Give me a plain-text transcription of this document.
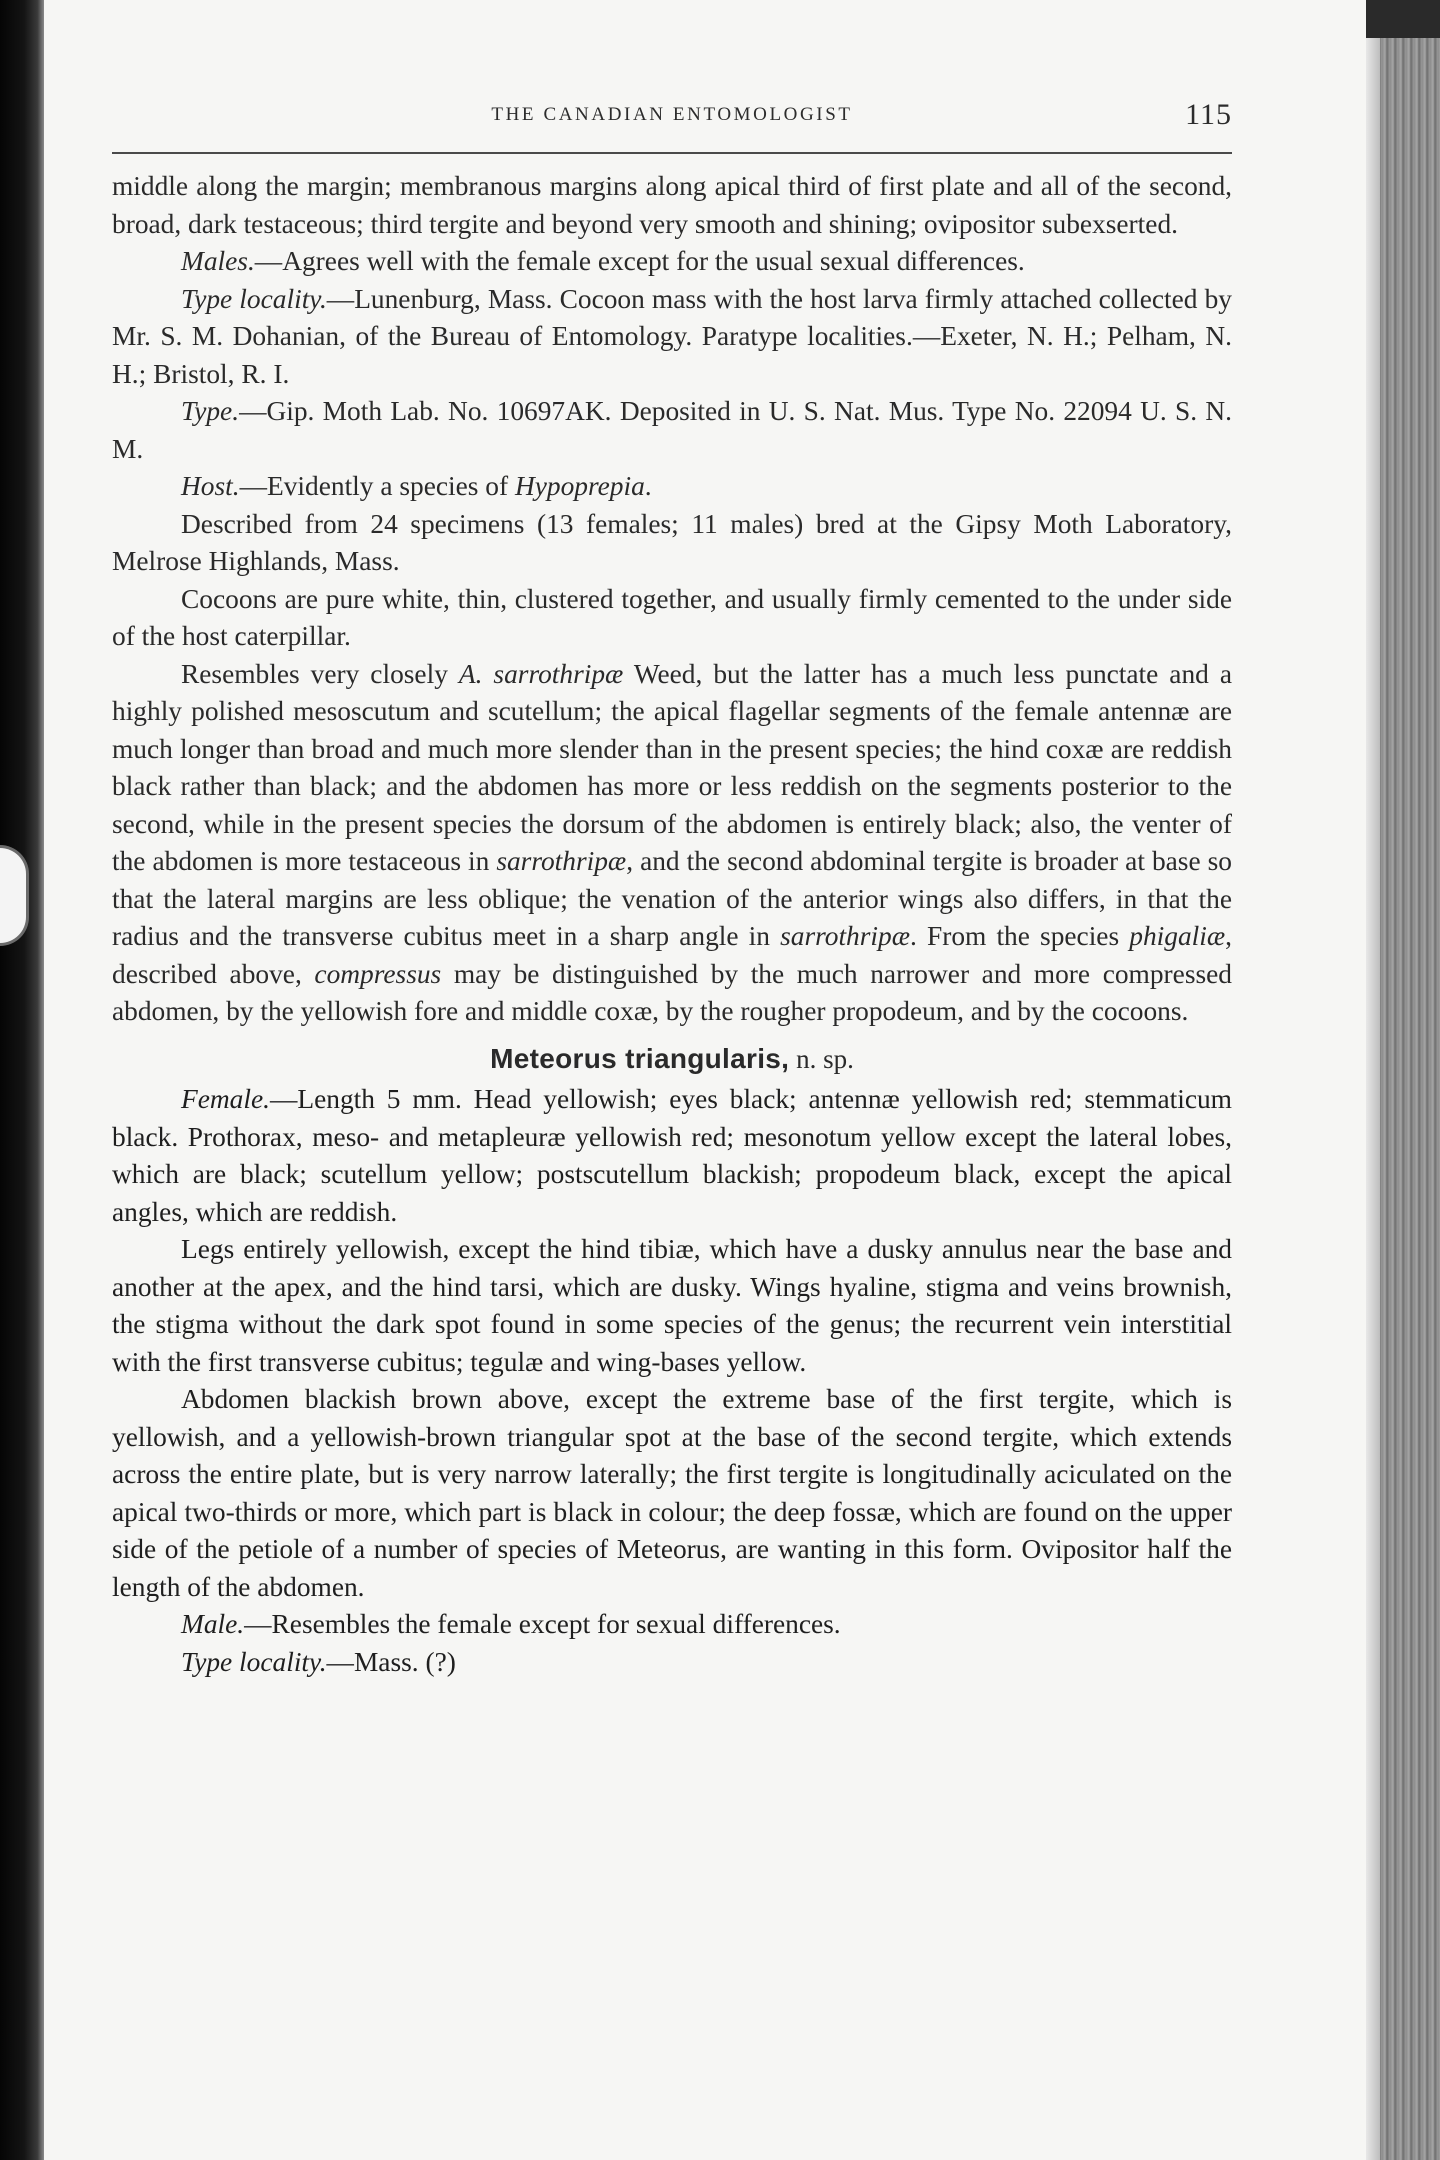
THE CANADIAN ENTOMOLOGIST	115

middle along the margin; membranous margins along apical third of first plate and all of the second, broad, dark testaceous; third tergite and beyond very smooth and shining; ovipositor subexserted.

Males.—Agrees well with the female except for the usual sexual differences.

Type locality.—Lunenburg, Mass. Cocoon mass with the host larva firmly attached collected by Mr. S. M. Dohanian, of the Bureau of Entomology. Paratype localities.—Exeter, N. H.; Pelham, N. H.; Bristol, R. I.

Type.—Gip. Moth Lab. No. 10697AK. Deposited in U. S. Nat. Mus. Type No. 22094 U. S. N. M.

Host.—Evidently a species of Hypoprepia.

Described from 24 specimens (13 females; 11 males) bred at the Gipsy Moth Laboratory, Melrose Highlands, Mass.

Cocoons are pure white, thin, clustered together, and usually firmly cemented to the under side of the host caterpillar.

Resembles very closely A. sarrothripæ Weed, but the latter has a much less punctate and a highly polished mesoscutum and scutellum; the apical flagellar segments of the female antennæ are much longer than broad and much more slender than in the present species; the hind coxæ are reddish black rather than black; and the abdomen has more or less reddish on the segments posterior to the second, while in the present species the dorsum of the abdomen is entirely black; also, the venter of the abdomen is more testaceous in sarrothripæ, and the second abdominal tergite is broader at base so that the lateral margins are less oblique; the venation of the anterior wings also differs, in that the radius and the transverse cubitus meet in a sharp angle in sarrothripæ. From the species phigaliæ, described above, compressus may be distinguished by the much narrower and more compressed abdomen, by the yellowish fore and middle coxæ, by the rougher propodeum, and by the cocoons.

Meteorus triangularis, n. sp.

Female.—Length 5 mm. Head yellowish; eyes black; antennæ yellowish red; stemmaticum black. Prothorax, meso- and metapleuræ yellowish red; mesonotum yellow except the lateral lobes, which are black; scutellum yellow; postscutellum blackish; propodeum black, except the apical angles, which are reddish.

Legs entirely yellowish, except the hind tibiæ, which have a dusky annulus near the base and another at the apex, and the hind tarsi, which are dusky. Wings hyaline, stigma and veins brownish, the stigma without the dark spot found in some species of the genus; the recurrent vein interstitial with the first transverse cubitus; tegulæ and wing-bases yellow.

Abdomen blackish brown above, except the extreme base of the first tergite, which is yellowish, and a yellowish-brown triangular spot at the base of the second tergite, which extends across the entire plate, but is very narrow laterally; the first tergite is longitudinally aciculated on the apical two-thirds or more, which part is black in colour; the deep fossæ, which are found on the upper side of the petiole of a number of species of Meteorus, are wanting in this form. Ovipositor half the length of the abdomen.

Male.—Resembles the female except for sexual differences.

Type locality.—Mass. (?)
